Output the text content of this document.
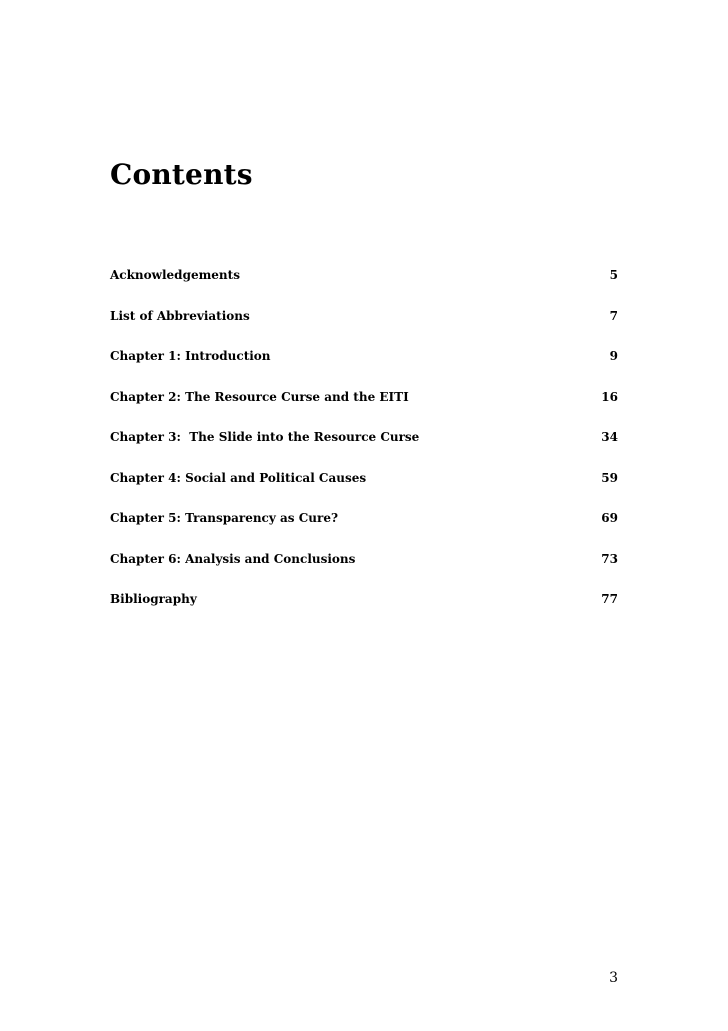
Contents
Acknowledgements	5
List of Abbreviations	7
Chapter 1: Introduction	9
Chapter 2: The Resource Curse and the EITI	16
Chapter 3:  The Slide into the Resource Curse	34
Chapter 4: Social and Political Causes	59
Chapter 5: Transparency as Cure?	69
Chapter 6: Analysis and Conclusions	73
Bibliography	77
3
